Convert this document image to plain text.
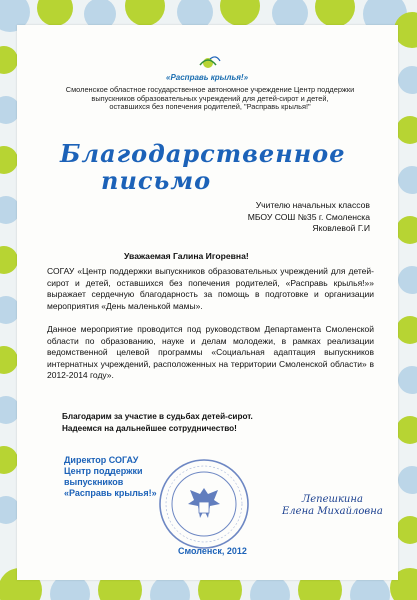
«Расправь крылья!»
Смоленское областное государственное автономное учреждение Центр поддержки
выпускников образовательных учреждений для детей-сирот и детей,
оставшихся без попечения родителей, "Расправь крылья!"
Благодарственное
письмо
Учителю начальных классов
МБОУ СОШ №35 г. Смоленска
Яковлевой Г.И
Уважаемая Галина Игоревна!
СОГАУ «Центр поддержки выпускников образовательных учреждений для детей-сирот и детей, оставшихся без попечения родителей, «Расправь крылья!»» выражает сердечную благодарность за помощь в подготовке и организации мероприятия «День маленькой мамы».
Данное мероприятие проводится под руководством Департамента Смоленской области по образованию, науке и делам молодежи, в рамках реализации ведомственной целевой программы «Социальная адаптация выпускников интернатных учреждений, расположенных на территории Смоленской области» в 2012-2014 году».
Благодарим за участие в судьбах детей-сирот.
Надеемся на дальнейшее сотрудничество!
Директор СОГАУ
Центр поддержки выпускников
«Расправь крылья!»
Лепешкина
Елена Михайловна
Смоленск, 2012
